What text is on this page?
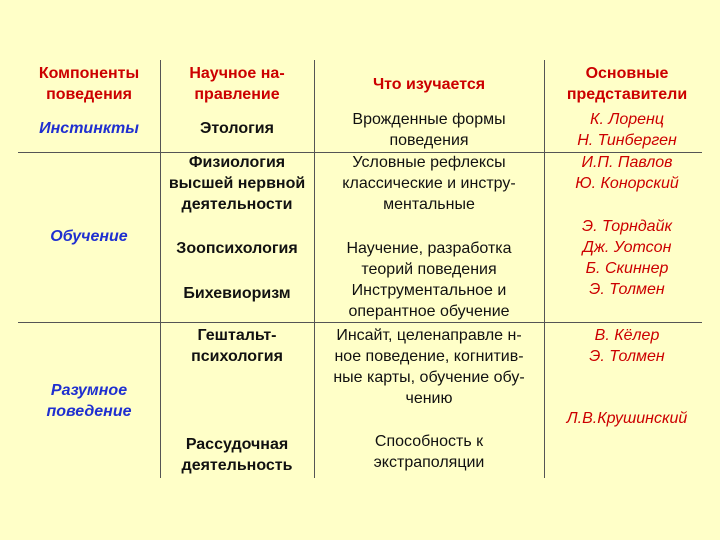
Компоненты
поведения
Научное на-
правление
Что изучается
Основные
представители
Инстинкты
Обучение
Разумное
поведение
Этология
Физиология
высшей нервной
деятельности
Зоопсихология
Бихевиоризм
Гештальт-
психология
Рассудочная
деятельность
Врожденные формы
поведения
Условные рефлексы
классические и инстру-
ментальные
Научение, разработка
теорий поведения
Инструментальное и
оперантное обучение
Инсайт, целенаправле н-
ное поведение, когнитив-
ные карты, обучение обу-
чению
Способность к
экстраполяции
К. Лоренц
Н. Тинберген
И.П. Павлов
Ю. Конорский
Э. Торндайк
Дж. Уотсон
Б. Скиннер
Э. Толмен
В. Кёлер
Э. Толмен
Л.В.Крушинский
